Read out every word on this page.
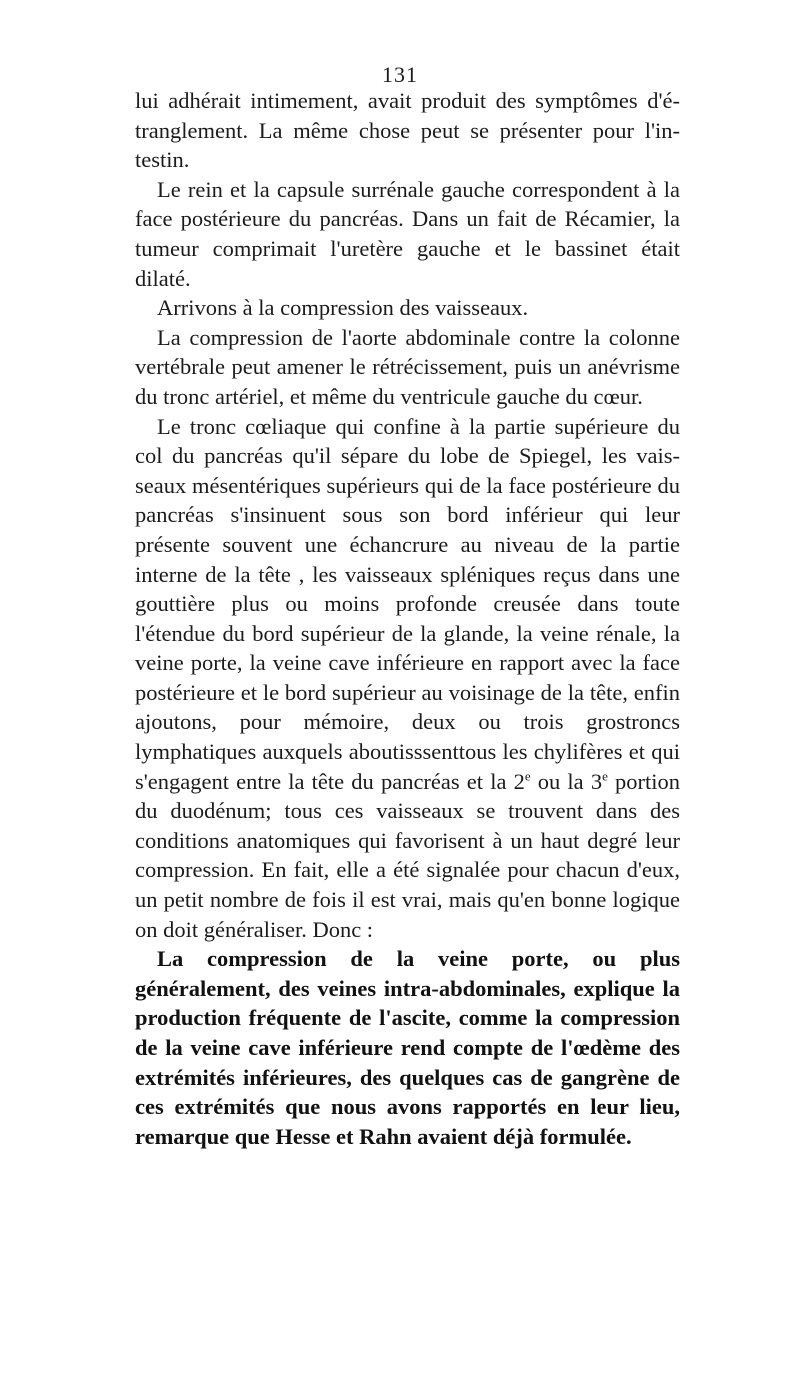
131

lui adhérait intimement, avait produit des symptômes d'étranglement. La même chose peut se présenter pour l'intestin.

Le rein et la capsule surrénale gauche correspondent à la face postérieure du pancréas. Dans un fait de Récamier, la tumeur comprimait l'uretère gauche et le bassinet était dilaté.

Arrivons à la compression des vaisseaux.

La compression de l'aorte abdominale contre la colonne vertébrale peut amener le rétrécissement, puis un anévrisme du tronc artériel, et même du ventricule gauche du cœur.

Le tronc cœliaque qui confine à la partie supérieure du col du pancréas qu'il sépare du lobe de Spiegel, les vaisseaux mésentériques supérieurs qui de la face postérieure du pancréas s'insinuent sous son bord inférieur qui leur présente souvent une échancrure au niveau de la partie interne de la tête , les vaisseaux spléniques reçus dans une gouttière plus ou moins profonde creusée dans toute l'étendue du bord supérieur de la glande, la veine rénale, la veine porte, la veine cave inférieure en rapport avec la face postérieure et le bord supérieur au voisinage de la tête, enfin ajoutons, pour mémoire, deux ou trois grostroncs lymphatiques auxquels aboutisssenttous les chylifères et qui s'engagent entre la tête du pancréas et la 2e ou la 3e portion du duodénum; tous ces vaisseaux se trouvent dans des conditions anatomiques qui favorisent à un haut degré leur compression. En fait, elle a été signalée pour chacun d'eux, un petit nombre de fois il est vrai, mais qu'en bonne logique on doit généraliser. Donc :

La compression de la veine porte, ou plus généralement, des veines intra-abdominales, explique la production fréquente de l'ascite, comme la compression de la veine cave inférieure rend compte de l'œdème des extrémités inférieures, des quelques cas de gangrène de ces extrémités que nous avons rapportés en leur lieu, remarque que Hesse et Rahn avaient déjà formulée.
